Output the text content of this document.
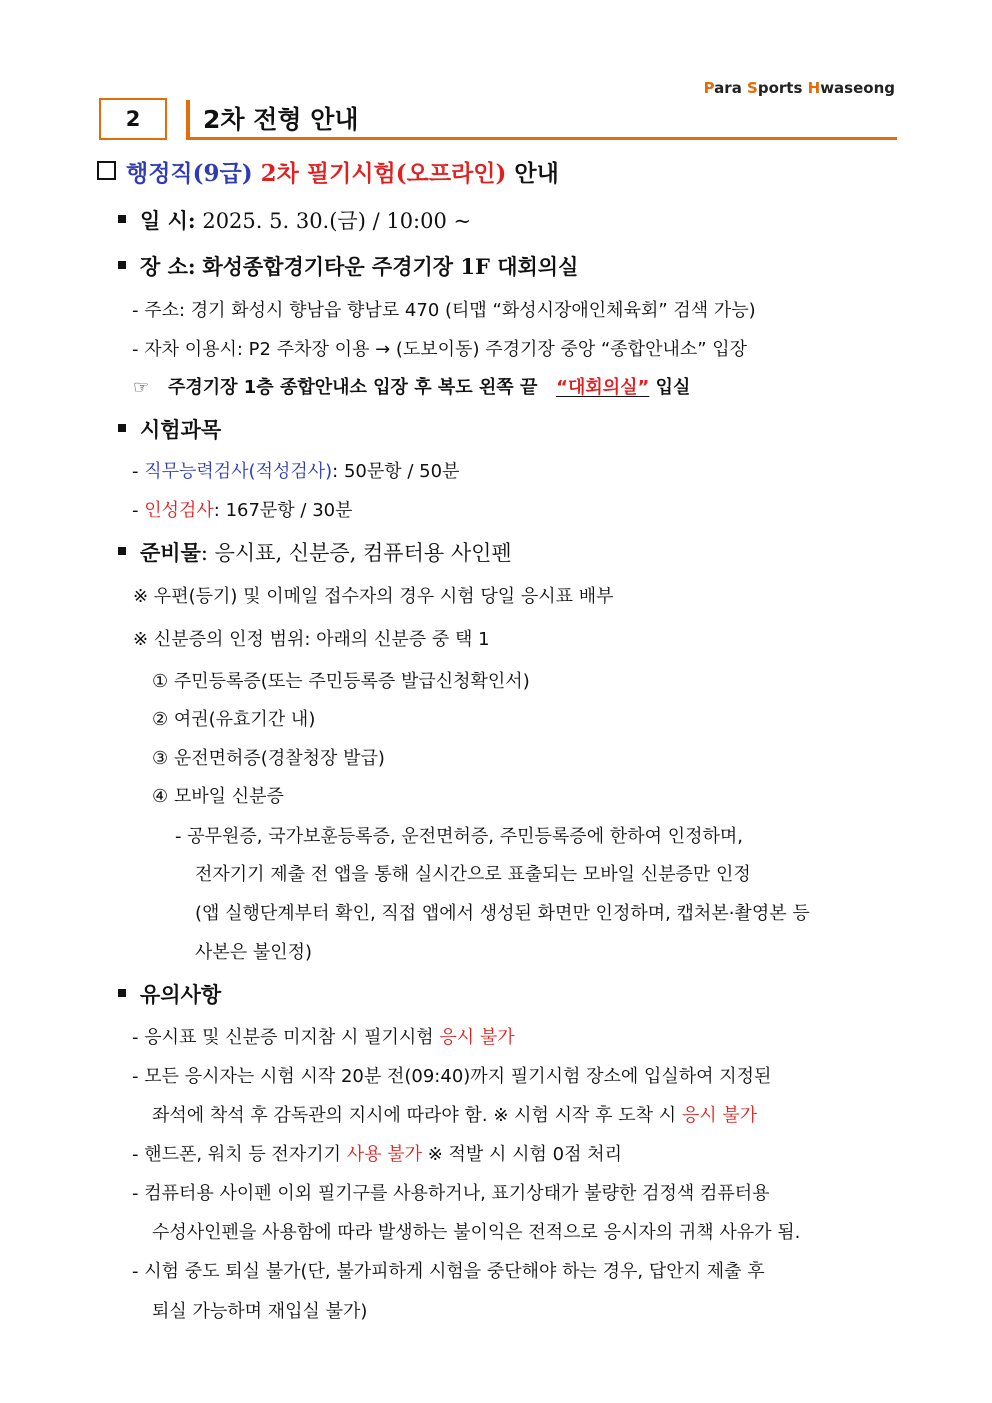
Para Sports Hwaseong
2	2차 전형 안내
행정직(9급) 2차 필기시험(오프라인) 안내
일 시: 2025. 5. 30.(금) / 10:00 ~
장 소: 화성종합경기타운 주경기장 1F 대회의실
- 주소: 경기 화성시 향남읍 향남로 470 (티맵 “화성시장애인체육회” 검색 가능)
- 자차 이용시: P2 주차장 이용 → (도보이동) 주경기장 중앙 “종합안내소” 입장
☞ 주경기장 1층 종합안내소 입장 후 복도 왼쪽 끝 “대회의실” 입실
시험과목
- 직무능력검사(적성검사): 50문항 / 50분
- 인성검사: 167문항 / 30분
준비물: 응시표, 신분증, 컴퓨터용 사인펜
※ 우편(등기) 및 이메일 접수자의 경우 시험 당일 응시표 배부
※ 신분증의 인정 범위: 아래의 신분증 중 택 1
① 주민등록증(또는 주민등록증 발급신청확인서)
② 여권(유효기간 내)
③ 운전면허증(경찰청장 발급)
④ 모바일 신분증
- 공무원증, 국가보훈등록증, 운전면허증, 주민등록증에 한하여 인정하며,
전자기기 제출 전 앱을 통해 실시간으로 표출되는 모바일 신분증만 인정
(앱 실행단계부터 확인, 직접 앱에서 생성된 화면만 인정하며, 캡처본·촬영본 등
사본은 불인정)
유의사항
- 응시표 및 신분증 미지참 시 필기시험 응시 불가
- 모든 응시자는 시험 시작 20분 전(09:40)까지 필기시험 장소에 입실하여 지정된
좌석에 착석 후 감독관의 지시에 따라야 함. ※ 시험 시작 후 도착 시 응시 불가
- 핸드폰, 워치 등 전자기기 사용 불가 ※ 적발 시 시험 0점 처리
- 컴퓨터용 사이펜 이외 필기구를 사용하거나, 표기상태가 불량한 검정색 컴퓨터용
수성사인펜을 사용함에 따라 발생하는 불이익은 전적으로 응시자의 귀책 사유가 됨.
- 시험 중도 퇴실 불가(단, 불가피하게 시험을 중단해야 하는 경우, 답안지 제출 후
퇴실 가능하며 재입실 불가)
